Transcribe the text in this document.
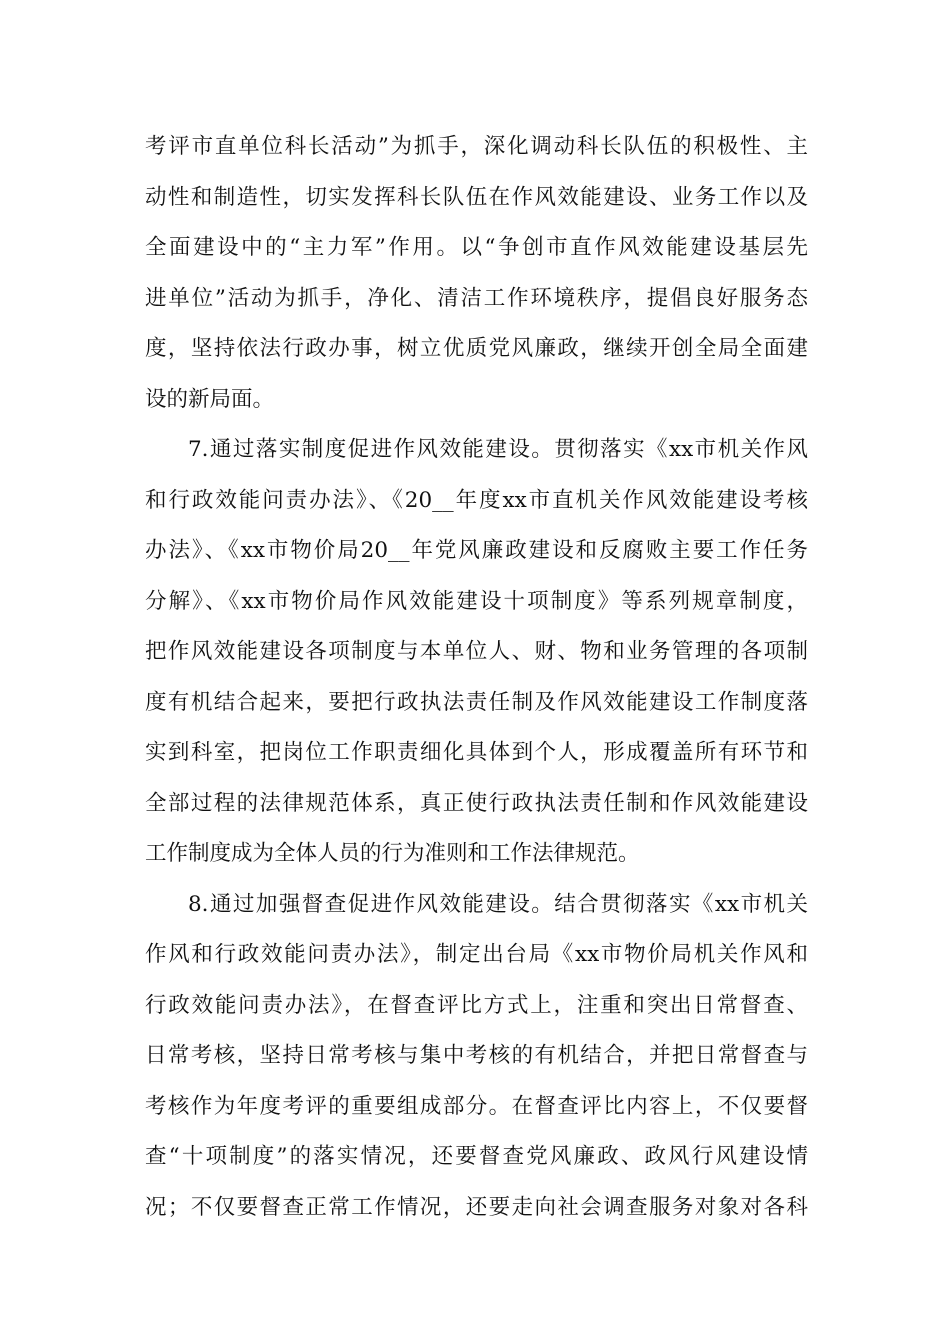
考评市直单位科长活动”为抓手，深化调动科长队伍的积极性、主
动性和制造性，切实发挥科长队伍在作风效能建设、业务工作以及
全面建设中的“主力军”作用。以“争创市直作风效能建设基层先
进单位”活动为抓手，净化、清洁工作环境秩序，提倡良好服务态
度，坚持依法行政办事，树立优质党风廉政，继续开创全局全面建
设的新局面。
7.通过落实制度促进作风效能建设。贯彻落实《xx市机关作风
和行政效能问责办法》、《20__年度xx市直机关作风效能建设考核
办法》、《xx市物价局20__年党风廉政建设和反腐败主要工作任务
分解》、《xx市物价局作风效能建设十项制度》等系列规章制度，
把作风效能建设各项制度与本单位人、财、物和业务管理的各项制
度有机结合起来，要把行政执法责任制及作风效能建设工作制度落
实到科室，把岗位工作职责细化具体到个人，形成覆盖所有环节和
全部过程的法律规范体系，真正使行政执法责任制和作风效能建设
工作制度成为全体人员的行为准则和工作法律规范。
8.通过加强督查促进作风效能建设。结合贯彻落实《xx市机关
作风和行政效能问责办法》，制定出台局《xx市物价局机关作风和
行政效能问责办法》，在督查评比方式上，注重和突出日常督查、
日常考核，坚持日常考核与集中考核的有机结合，并把日常督查与
考核作为年度考评的重要组成部分。在督查评比内容上，不仅要督
查“十项制度”的落实情况，还要督查党风廉政、政风行风建设情
况；不仅要督查正常工作情况，还要走向社会调查服务对象对各科
